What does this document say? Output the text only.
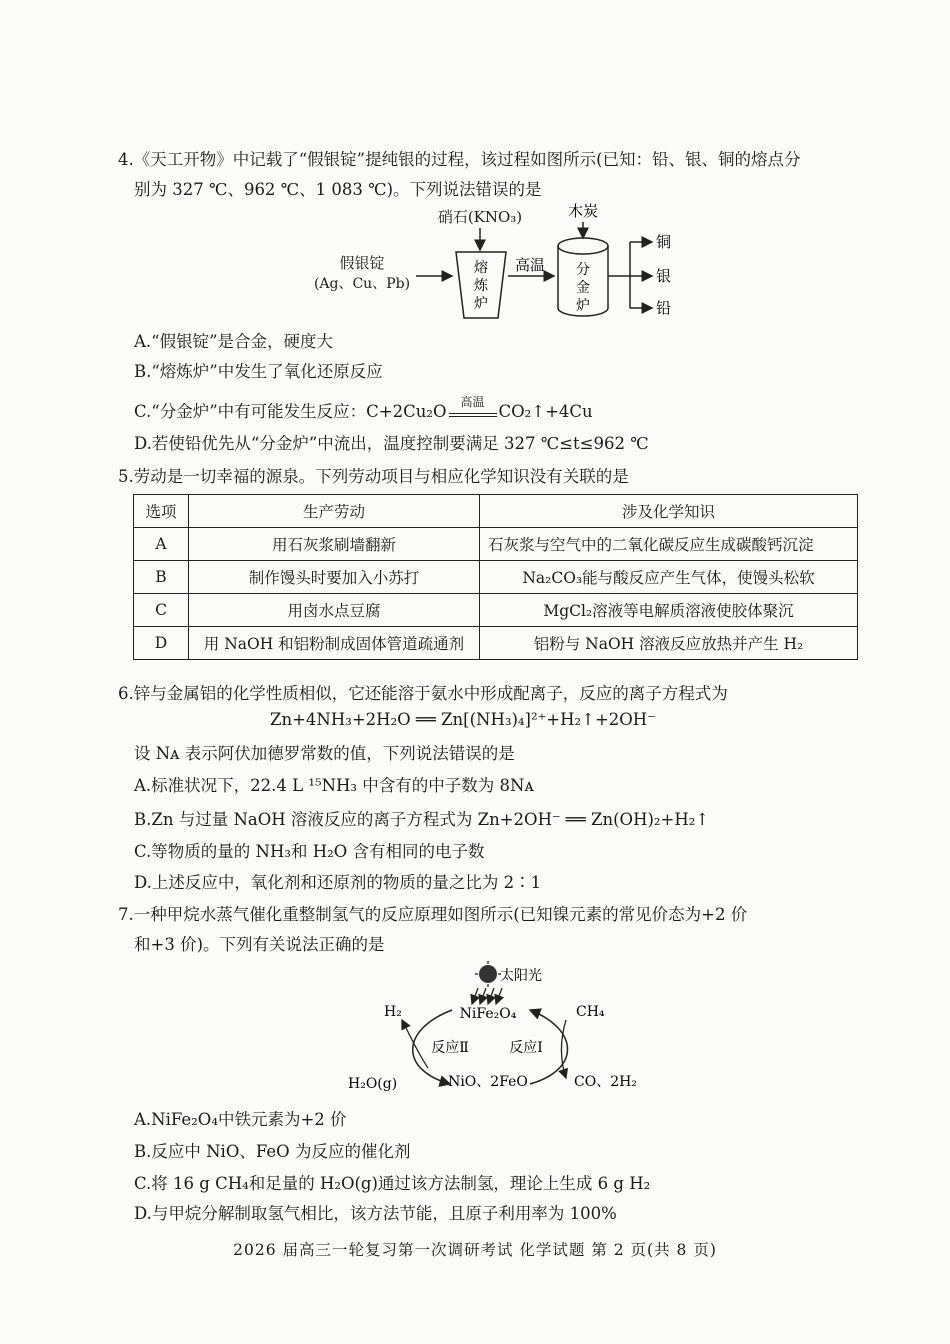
4.《天工开物》中记载了“假银锭”提纯银的过程，该过程如图所示(已知：铅、银、铜的熔点分
别为 327 ℃、962 ℃、1 083 ℃)。下列说法错误的是
假银锭
(Ag、Cu、Pb)
硝石(KNO₃)
熔
炼
炉
高温
木炭
分
金
炉
铜
银
铅
A.“假银锭”是合金，硬度大
B.“熔炼炉”中发生了氧化还原反应
C.“分金炉”中有可能发生反应：C+2Cu₂O	高温 CO₂↑+4Cu
D.若使铅优先从“分金炉”中流出，温度控制要满足 327 ℃≤t≤962 ℃
5.劳动是一切幸福的源泉。下列劳动项目与相应化学知识没有关联的是
选项	生产劳动	涉及化学知识
A	用石灰浆刷墙翻新	石灰浆与空气中的二氧化碳反应生成碳酸钙沉淀
B	制作馒头时要加入小苏打	Na₂CO₃能与酸反应产生气体，使馒头松软
C	用卤水点豆腐	MgCl₂溶液等电解质溶液使胶体聚沉
D	用 NaOH 和铝粉制成固体管道疏通剂	铝粉与 NaOH 溶液反应放热并产生 H₂
6.锌与金属铝的化学性质相似，它还能溶于氨水中形成配离子，反应的离子方程式为
Zn+4NH₃+2H₂O ══ Zn[(NH₃)₄]²⁺+H₂↑+2OH⁻
设 Nᴀ 表示阿伏加德罗常数的值，下列说法错误的是
A.标准状况下，22.4 L ¹⁵NH₃ 中含有的中子数为 8Nᴀ
B.Zn 与过量 NaOH 溶液反应的离子方程式为 Zn+2OH⁻ ══ Zn(OH)₂+H₂↑
C.等物质的量的 NH₃和 H₂O 含有相同的电子数
D.上述反应中，氧化剂和还原剂的物质的量之比为 2∶1
7.一种甲烷水蒸气催化重整制氢气的反应原理如图所示(已知镍元素的常见价态为+2 价
和+3 价)。下列有关说法正确的是
太阳光
NiFe₂O₄
H₂	CH₄
反应Ⅱ	反应Ⅰ
H₂O(g)	NiO、2FeO	CO、2H₂
A.NiFe₂O₄中铁元素为+2 价
B.反应中 NiO、FeO 为反应的催化剂
C.将 16 g CH₄和足量的 H₂O(g)通过该方法制氢，理论上生成 6 g H₂
D.与甲烷分解制取氢气相比，该方法节能，且原子利用率为 100%
2026 届高三一轮复习第一次调研考试 化学试题 第 2 页(共 8 页)
